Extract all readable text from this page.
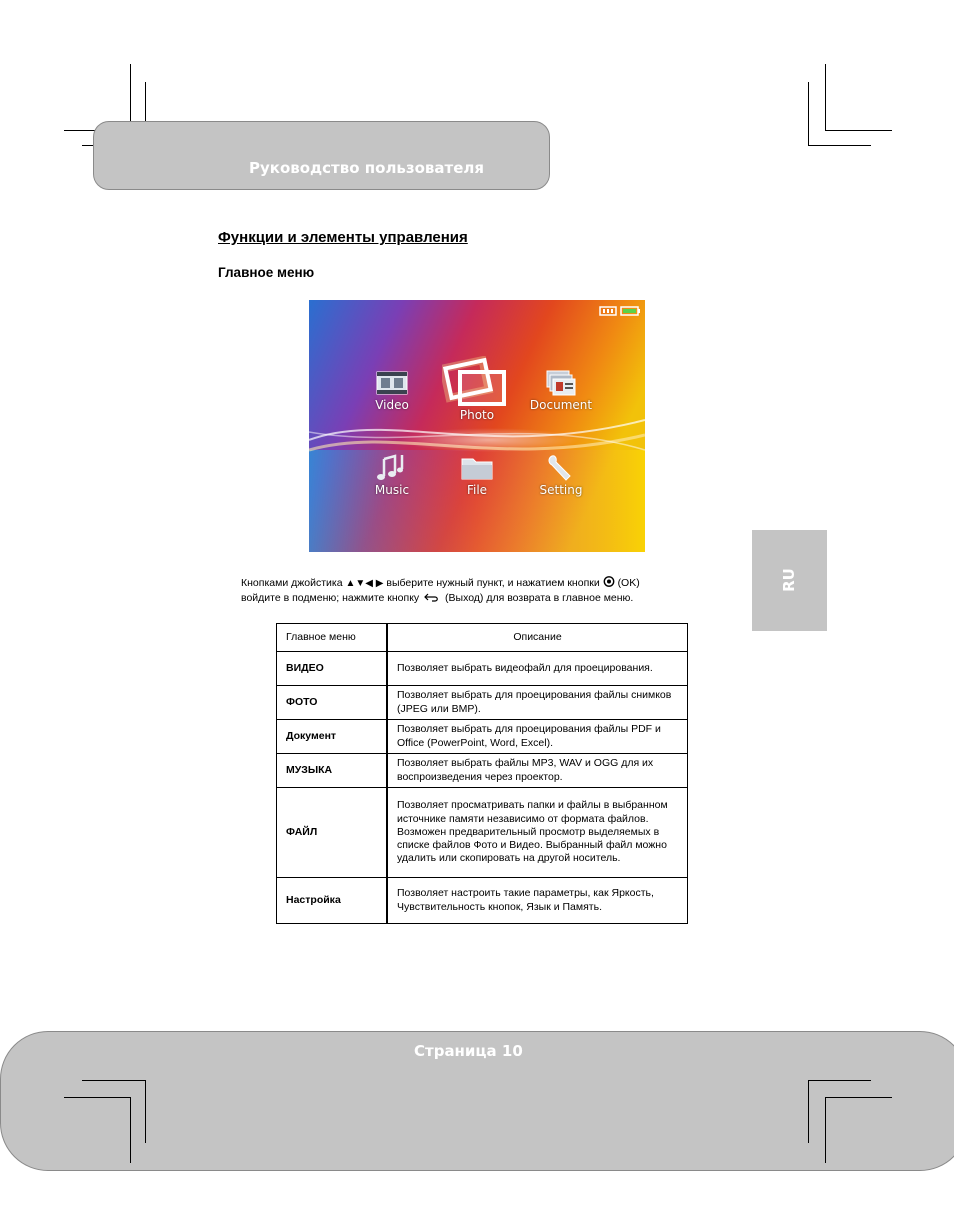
Руководство пользователя
Функции и элементы управления
Главное меню
Video
Photo
Document
Music	File	Setting
RU
Кнопками джойстика ▲▼◀ ▶ выберите нужный пункт, и нажатием кнопки (OK)
войдите в подменю; нажмите кнопку (Выход) для возврата в главное меню.
Главное меню	Описание
ВИДЕО	Позволяет выбрать видеофайл для проецирования.
ФОТО	Позволяет выбрать для проецирования файлы снимков (JPEG или BMP).
Документ	Позволяет выбрать для проецирования файлы PDF и Office (PowerPoint, Word, Excel).
МУЗЫКА	Позволяет выбрать файлы MP3, WAV и OGG для их воспроизведения через проектор.
ФАЙЛ	Позволяет просматривать папки и файлы в выбранном источнике памяти независимо от формата файлов. Возможен предварительный просмотр выделяемых в списке файлов Фото и Видео. Выбранный файл можно удалить или скопировать на другой носитель.
Настройка	Позволяет настроить такие параметры, как Яркость, Чувствительность кнопок, Язык и Память.
Страница 10
